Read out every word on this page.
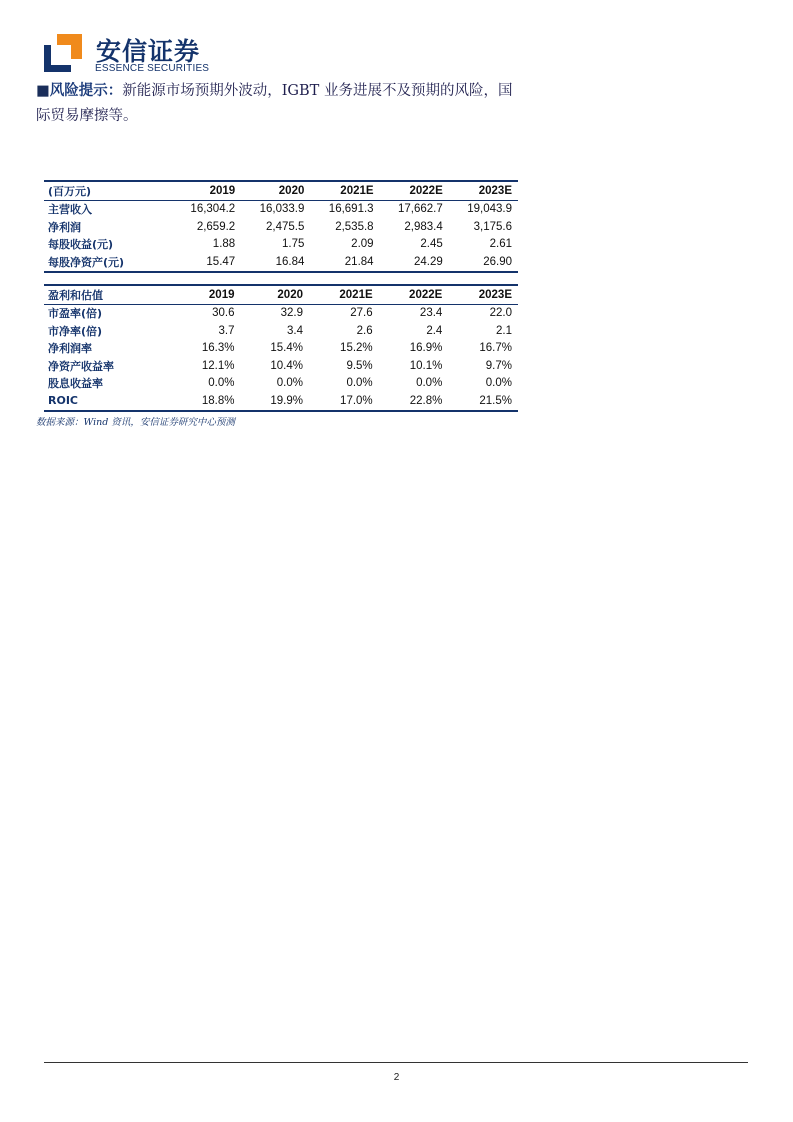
安信证券
ESSENCE SECURITIES
■风险提示：新能源市场预期外波动，IGBT 业务进展不及预期的风险，国际贸易摩擦等。
(百万元)	2019	2020	2021E	2022E	2023E
主营收入	16,304.2	16,033.9	16,691.3	17,662.7	19,043.9
净利润	2,659.2	2,475.5	2,535.8	2,983.4	3,175.6
每股收益(元)	1.88	1.75	2.09	2.45	2.61
每股净资产(元)	15.47	16.84	21.84	24.29	26.90
盈利和估值	2019	2020	2021E	2022E	2023E
市盈率(倍)	30.6	32.9	27.6	23.4	22.0
市净率(倍)	3.7	3.4	2.6	2.4	2.1
净利润率	16.3%	15.4%	15.2%	16.9%	16.7%
净资产收益率	12.1%	10.4%	9.5%	10.1%	9.7%
股息收益率	0.0%	0.0%	0.0%	0.0%	0.0%
ROIC	18.8%	19.9%	17.0%	22.8%	21.5%
数据来源：Wind 资讯，安信证券研究中心预测
2
